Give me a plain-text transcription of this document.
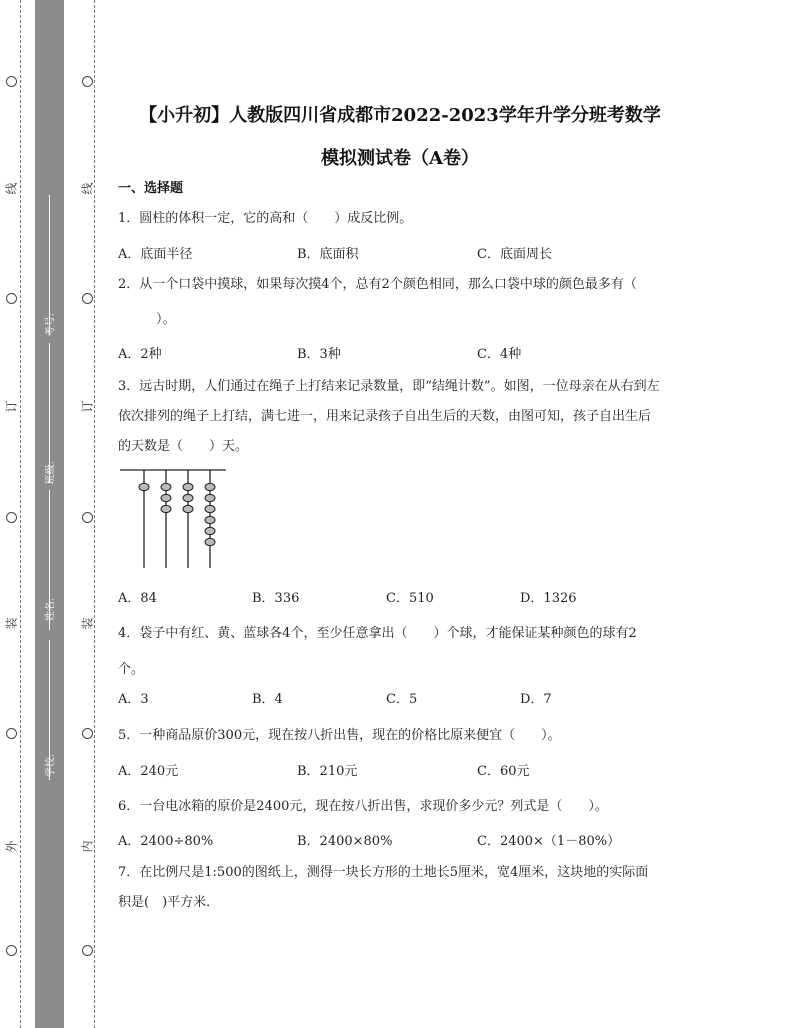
线
订
装
外
线
订
装
内
考号:
班级:
姓名:
学校:
【小升初】人教版四川省成都市2022-2023学年升学分班考数学
模拟测试卷（A卷）
一、选择题
1．圆柱的体积一定，它的高和（　　）成反比例。
A．底面半径	B．底面积	C．底面周长
2．从一个口袋中摸球，如果每次摸4个，总有2个颜色相同，那么口袋中球的颜色最多有（
）。
A．2种	B．3种	C．4种
3．远古时期，人们通过在绳子上打结来记录数量，即“结绳计数”。如图，一位母亲在从右到左
依次排列的绳子上打结，满七进一，用来记录孩子自出生后的天数，由图可知，孩子自出生后
的天数是（　　）天。
A．84	B．336	C．510	D．1326
4．袋子中有红、黄、蓝球各4个，至少任意拿出（　　）个球，才能保证某种颜色的球有2
个。
A．3	B．4	C．5	D．7
5．一种商品原价300元，现在按八折出售，现在的价格比原来便宜（　　）。
A．240元	B．210元	C．60元
6．一台电冰箱的原价是2400元，现在按八折出售，求现价多少元？列式是（　　）。
A．2400÷80%	B．2400×80%	C．2400×（1－80%）
7．在比例尺是1:500的图纸上，测得一块长方形的土地长5厘米，宽4厘米，这块地的实际面
积是(　)平方米．
